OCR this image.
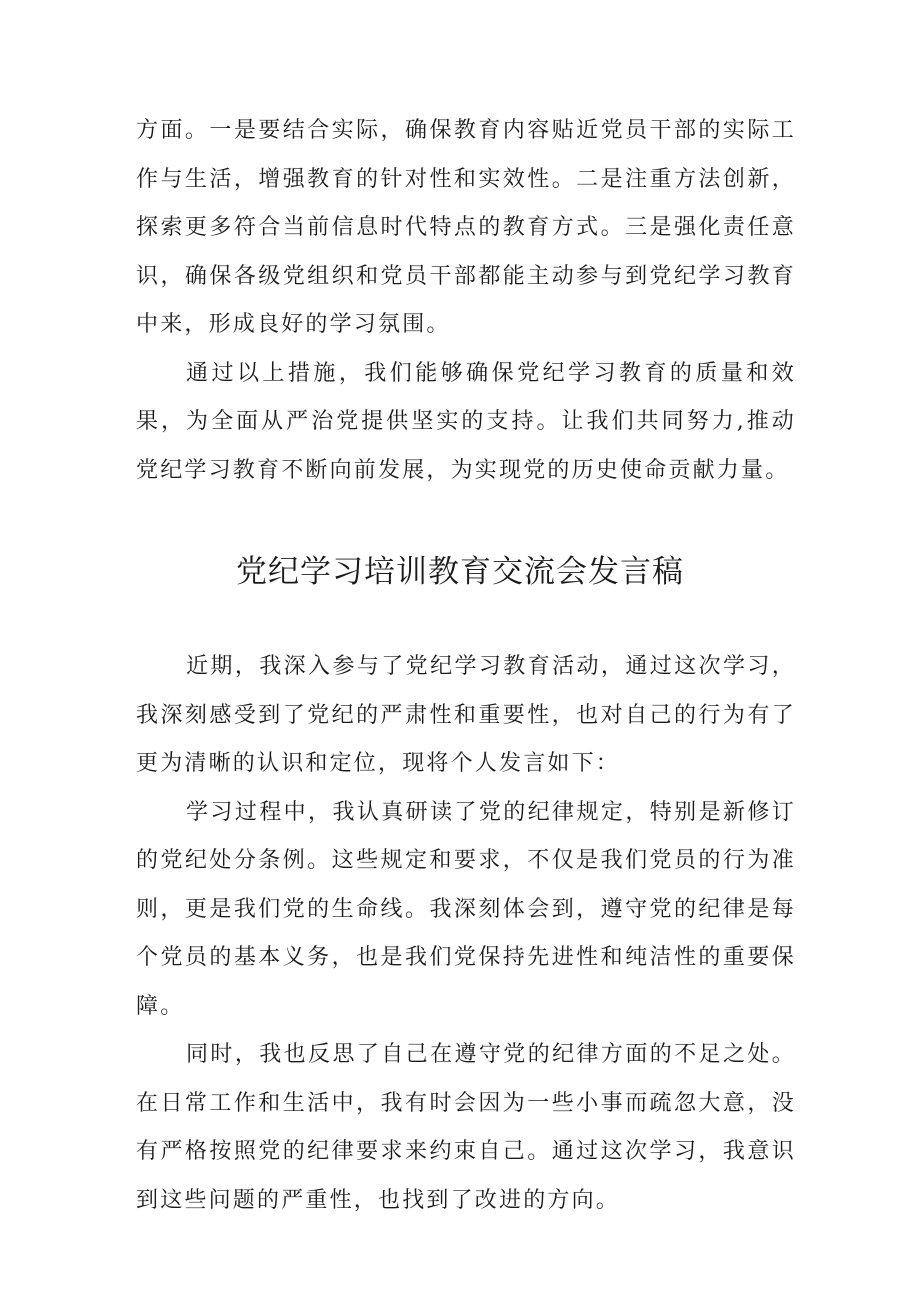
方面。一是要结合实际，确保教育内容贴近党员干部的实际工作与生活，增强教育的针对性和实效性。二是注重方法创新，探索更多符合当前信息时代特点的教育方式。三是强化责任意识，确保各级党组织和党员干部都能主动参与到党纪学习教育中来，形成良好的学习氛围。

通过以上措施，我们能够确保党纪学习教育的质量和效果，为全面从严治党提供坚实的支持。让我们共同努力,推动党纪学习教育不断向前发展，为实现党的历史使命贡献力量。

党纪学习培训教育交流会发言稿

近期，我深入参与了党纪学习教育活动，通过这次学习，我深刻感受到了党纪的严肃性和重要性，也对自己的行为有了更为清晰的认识和定位，现将个人发言如下：

学习过程中，我认真研读了党的纪律规定，特别是新修订的党纪处分条例。这些规定和要求，不仅是我们党员的行为准则，更是我们党的生命线。我深刻体会到，遵守党的纪律是每个党员的基本义务，也是我们党保持先进性和纯洁性的重要保障。

同时，我也反思了自己在遵守党的纪律方面的不足之处。在日常工作和生活中，我有时会因为一些小事而疏忽大意，没有严格按照党的纪律要求来约束自己。通过这次学习，我意识到这些问题的严重性，也找到了改进的方向。
